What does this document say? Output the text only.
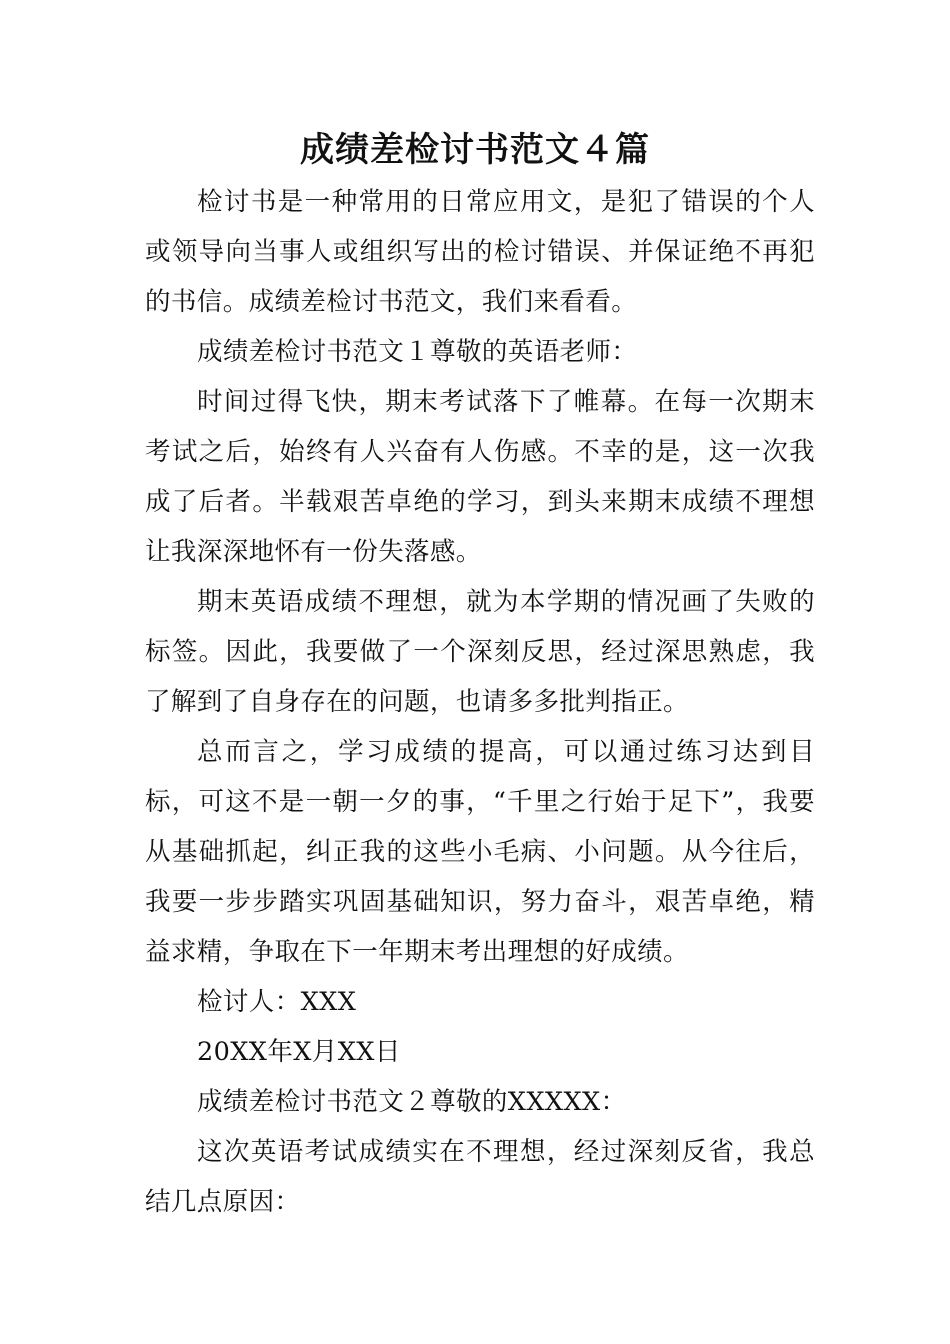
成绩差检讨书范文４篇

检讨书是一种常用的日常应用文，是犯了错误的个人或领导向当事人或组织写出的检讨错误、并保证绝不再犯的书信。成绩差检讨书范文，我们来看看。

成绩差检讨书范文１尊敬的英语老师：

时间过得飞快，期末考试落下了帷幕。在每一次期末考试之后，始终有人兴奋有人伤感。不幸的是，这一次我成了后者。半载艰苦卓绝的学习，到头来期末成绩不理想让我深深地怀有一份失落感。

期末英语成绩不理想，就为本学期的情况画了失败的标签。因此，我要做了一个深刻反思，经过深思熟虑，我了解到了自身存在的问题，也请多多批判指正。

总而言之，学习成绩的提高，可以通过练习达到目标，可这不是一朝一夕的事，“千里之行始于足下”，我要从基础抓起，纠正我的这些小毛病、小问题。从今往后，我要一步步踏实巩固基础知识，努力奋斗，艰苦卓绝，精益求精，争取在下一年期末考出理想的好成绩。

检讨人：XXX

20XX年X月XX日

成绩差检讨书范文２尊敬的XXXXX：

这次英语考试成绩实在不理想，经过深刻反省，我总结几点原因：
